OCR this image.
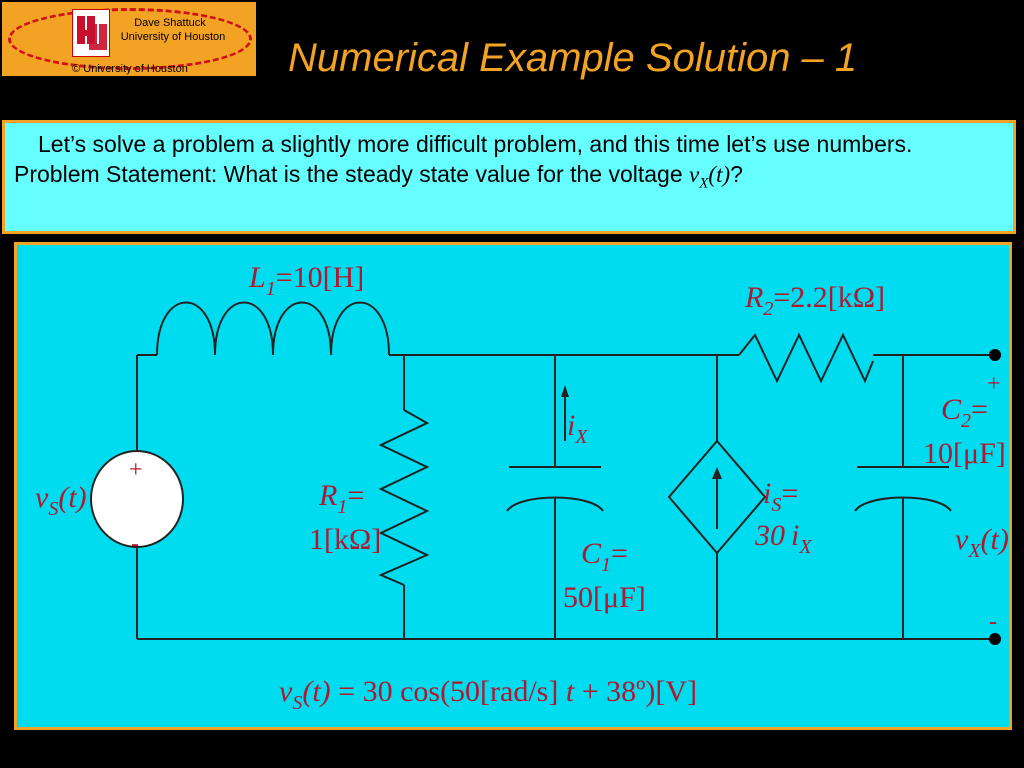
Dave Shattuck
University of Houston
© University of Houston	Numerical Example Solution – 1
Let’s solve a problem a slightly more difficult problem, and this time let’s use numbers. Problem Statement: What is the steady state value for the voltage $v_X(t)$?
+
-
+
-
$L_1=10[H]$
$R_2=2.2[k\Omega]$
$R_1=$
1[kΩ]	$C_1=$
50[μF]
$C_2=$
10[μF]
$i_X$
$i_S=$
30 $i_X$
$v_S(t)$
$v_X(t)$
$v_S(t) = 30$ cos(50[rad/s] t + 38º)[V]
